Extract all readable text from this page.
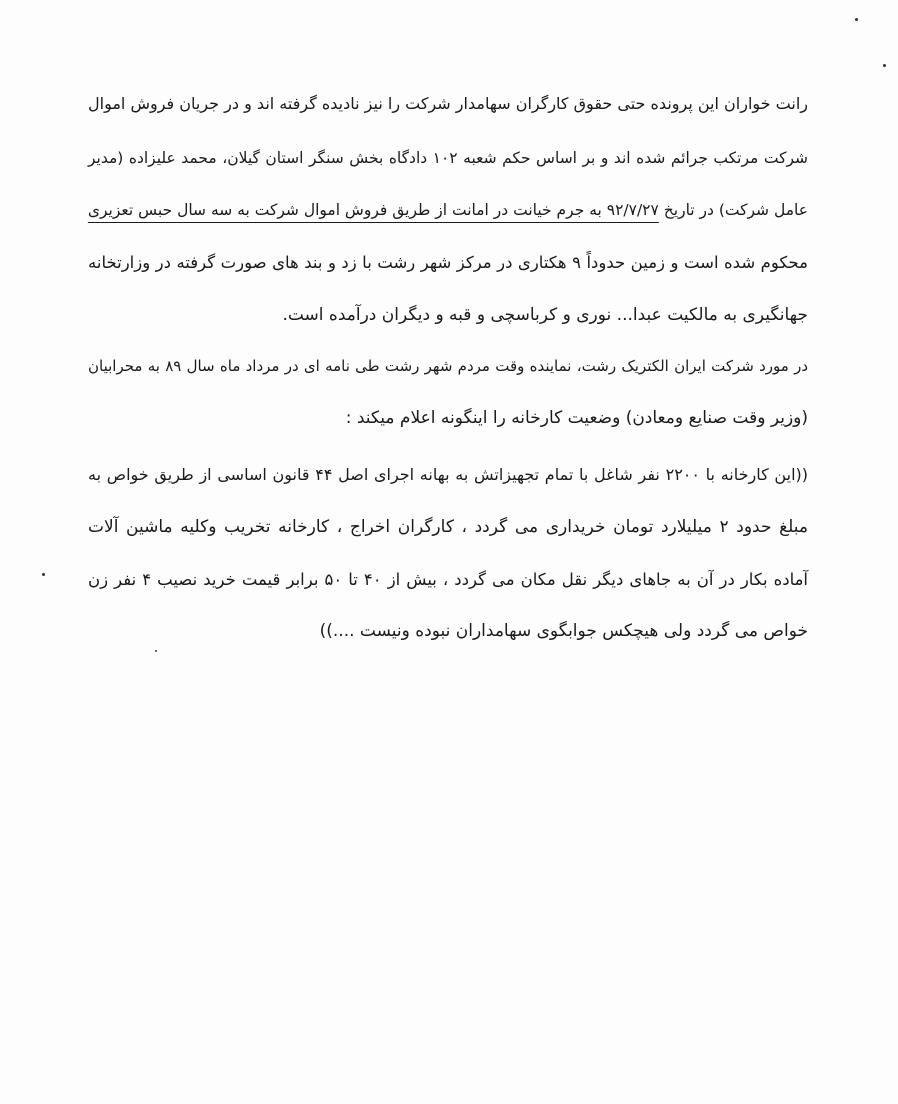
رانت خواران این پرونده حتی حقوق کارگران سهامدار شرکت را نیز نادیده گرفته اند و در جریان فروش اموال
شرکت مرتکب جرائم شده اند و بر اساس حکم شعبه ۱۰۲ دادگاه بخش سنگر استان گیلان، محمد علیزاده (مدیر
عامل شرکت) در تاریخ ۹۲/۷/۲۷ به جرم خیانت در امانت از طریق فروش اموال شرکت به سه سال حبس تعزیری
محکوم شده است و زمین حدوداً ۹ هکتاری در مرکز شهر رشت با زد و بند های صورت گرفته در وزارتخانه
جهانگیری به مالکیت عبدا... نوری و کرباسچی و قبه و دیگران درآمده است.
در مورد شرکت ایران الکتریک رشت، نماینده وقت مردم شهر رشت طی نامه ای در مرداد ماه سال ۸۹ به محرابیان
(وزیر وقت صنایع ومعادن) وضعیت کارخانه را اینگونه اعلام میکند :
((این کارخانه با ۲۲۰۰ نفر شاغل با تمام تجهیزاتش به بهانه اجرای اصل ۴۴ قانون اساسی از طریق خواص به
مبلغ حدود ۲ میلیلارد تومان خریداری می گردد ، کارگران اخراج ، کارخانه تخریب وکلیه ماشین آلات
آماده بکار در آن به جاهای دیگر نقل مکان می گردد ، بیش از ۴۰ تا ۵۰ برابر قیمت خرید نصیب ۴ نفر زن
خواص می گردد ولی هیچکس جوابگوی سهامداران نبوده ونیست ....))
